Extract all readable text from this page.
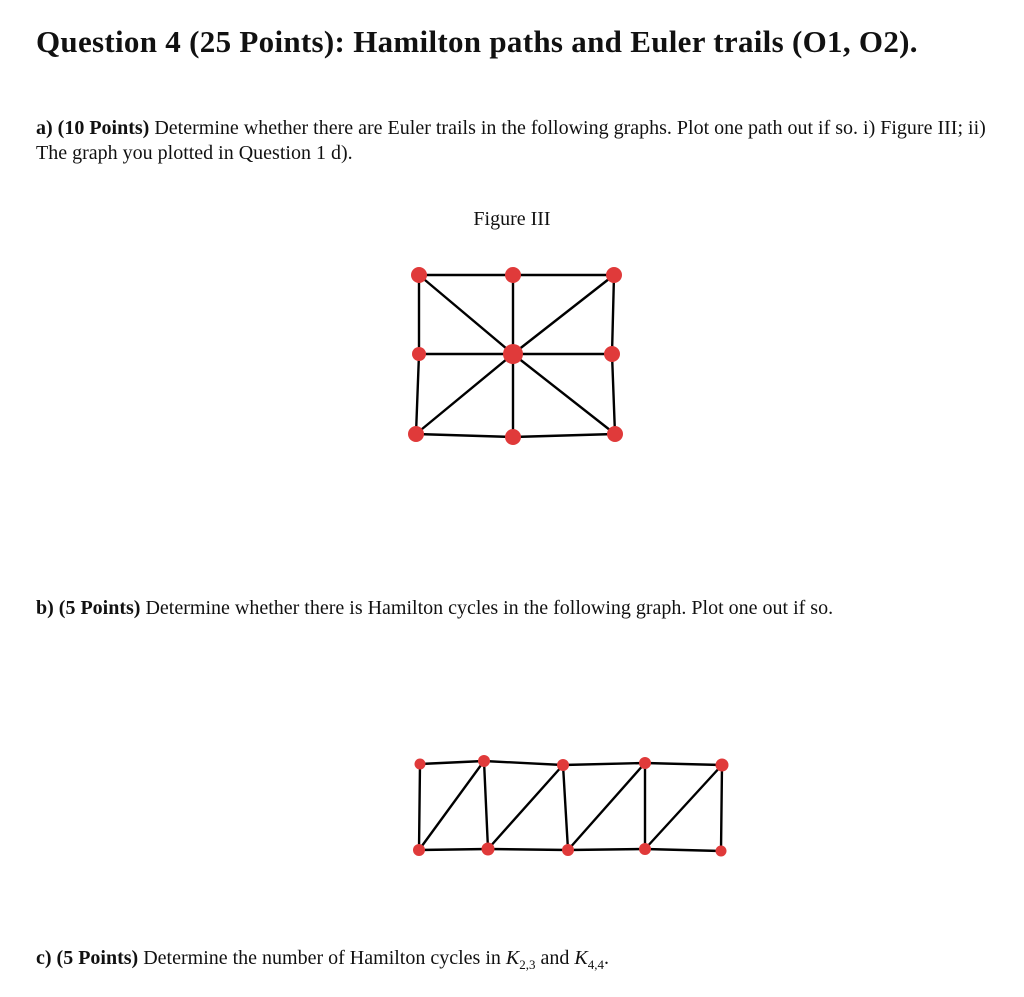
Question 4 (25 Points): Hamilton paths and Euler trails (O1, O2).

a) (10 Points) Determine whether there are Euler trails in the following graphs. Plot one path out if so. i) Figure III; ii) The graph you plotted in Question 1 d).

Figure III

b) (5 Points) Determine whether there is Hamilton cycles in the following graph. Plot one out if so.

c) (5 Points) Determine the number of Hamilton cycles in $K_{2,3}$ and $K_{4,4}$.
